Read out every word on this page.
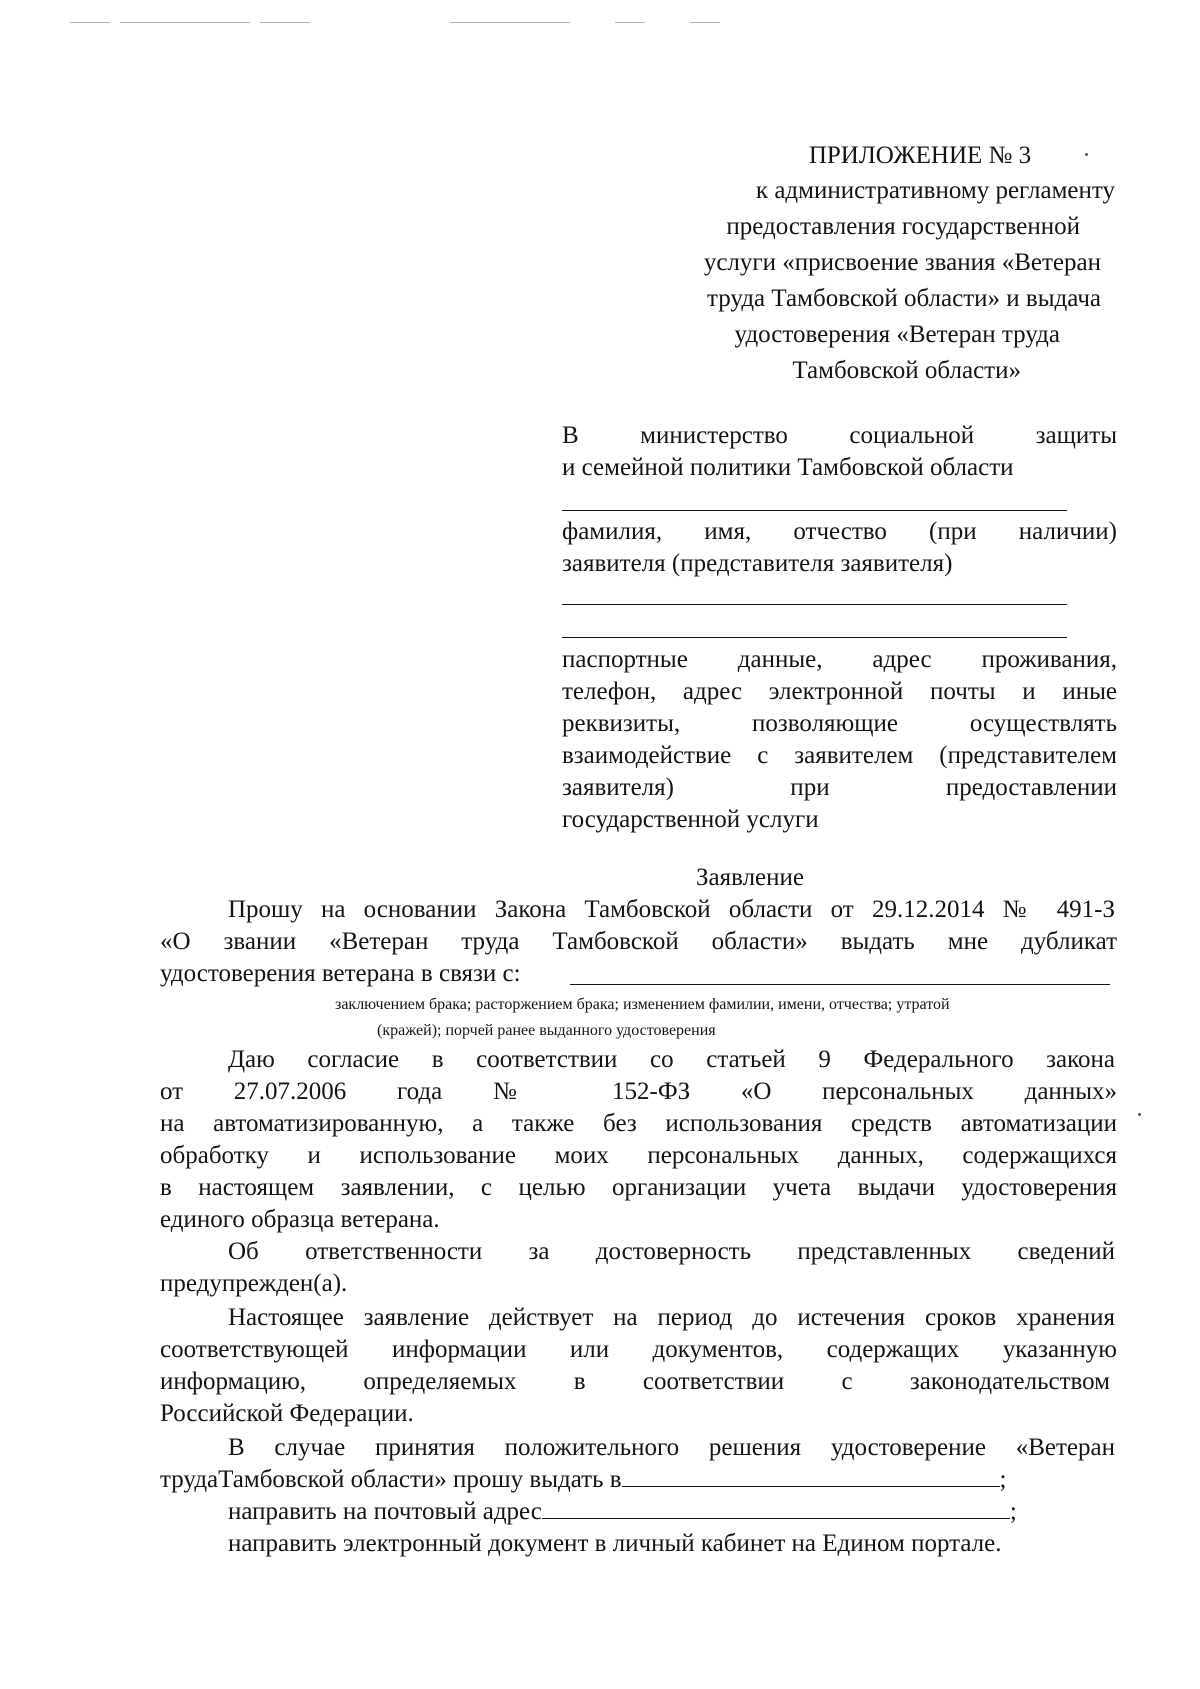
ПРИЛОЖЕНИЕ № 3
к административному регламенту
предоставления государственной
услуги «присвоение звания «Ветеран
труда Тамбовской области» и выдача
удостоверения «Ветеран труда
Тамбовской области»
В министерство социальной защиты
и семейной политики Тамбовской области
фамилия, имя, отчество (при наличии)
заявителя (представителя заявителя)
паспортные данные, адрес проживания,
телефон, адрес электронной почты и иные
реквизиты, позволяющие осуществлять
взаимодействие с заявителем (представителем
заявителя) при предоставлении
государственной услуги
Заявление
Прошу на основании Закона Тамбовской области от 29.12.2014 № 491-З
«О звании «Ветеран труда Тамбовской области» выдать мне дубликат
удостоверения ветерана в связи с:
заключением брака; расторжением брака; изменением фамилии, имени, отчества; утратой
(кражей); порчей ранее выданного удостоверения
Даю согласие в соответствии со статьей 9 Федерального закона
от 27.07.2006 года № 152-ФЗ «О персональных данных»
на автоматизированную, а также без использования средств автоматизации
обработку и использование моих персональных данных, содержащихся
в настоящем заявлении, с целью организации учета выдачи удостоверения
единого образца ветерана.
Об ответственности за достоверность представленных сведений
предупрежден(а).
Настоящее заявление действует на период до истечения сроков хранения
соответствующей информации или документов, содержащих указанную
информацию, определяемых в соответствии с законодательством
Российской Федерации.
В случае принятия положительного решения удостоверение «Ветеран
трудаТамбовской области» прошу выдать в	;
направить на почтовый адрес	;
направить электронный документ в личный кабинет на Едином портале.
